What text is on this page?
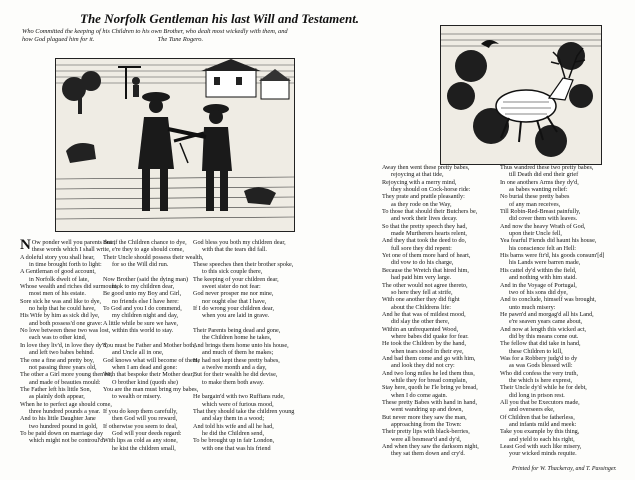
The Norfolk Gentleman his last Will and Testament.
Who Committed the keeping of his Children to his own Brother, who dealt most wickedly with them, and
how God plagued him for it.	The Tune Rogero.
N Ow ponder well you parents dear,
these words which I shall write,
A doleful story you shall hear,
in time brought forth to light:
A Gentleman of good account,
in Norfolk dwelt of late,
Whose wealth and riches did surmount,
most men of his estate.
Sore sick he was and like to dye,
no help that he could have,
His Wife by him as sick did lye,
and both possess'd one grave:
No love between these two was lost,
each was to other kind,
In love they liv'd, in love they dy'd,
and left two babes behind.
The one a fine and pretty boy,
not passing three years old,
The other a Girl more young then he,
and made of beauties mould:
The Father left his little Son,
as plainly doth appear,
When he to perfect age should come,
three hundred pounds a year.
And to his little Daughter Jane
two hundred pound in gold,
To be paid down on marriage day
which might not be controul'd:
But if the Children chance to dye,
e're they to age should come,
Their Uncle should possess their wealth,
for so the Will did run.

Now Brother (said the dying man)
look to my children dear,
Be good unto my Boy and Girl,
no friends else I have here:
To God and you I do commend,
my children night and day,
A little while be sure we have,
within this world to stay.

You must be Father and Mother both,
and Uncle all in one,
God knows what will become of them,
when I am dead and gone:
With that bespoke their Mother dear,
O brother kind (quoth she)
You are the man must bring my babes,
to wealth or misery.

If you do keep them carefully,
then God will you reward,
If otherwise you seem to deal,
God will your deeds regard:
With lips as cold as any stone,
he kist the children small,
God bless you both my children dear,
with that the tears did fall.

These speeches then their brother spoke,
to this sick couple there,
The keeping of your children dear,
sweet sister do not fear:
God never prosper me nor mine,
nor ought else that I have,
If I do wrong your children dear,
when you are laid in grave.

Their Parents being dead and gone,
the Children home he takes,
And brings them home unto his house,
and much of them he makes;
He had not kept these pretty babes,
a twelve month and a day,
But for their wealth he did devise,
to make them both away.

He bargain'd with two Ruffians rude,
which were of furious mood,
That they should take the children young
and slay them in a wood;
And told his wife and all he had,
he did the Children send,
To be brought up in fair London,
with one that was his friend
Away then went these pretty babes,
rejoycing at that tide,
Rejoycing with a merry mind,
they should on Cock-horse ride:
They prate and prattle pleasantly:
as they rode on the Way,
To those that should their Butchers be,
and work their lives decay.
So that the pretty speech they had,
made Murtherers hearts relent,
And they that took the deed to do,
full sore they did repent:
Yet one of them more hard of heart,
did vow to do his charge,
Because the Wretch that hired him,
had paid him very large.
The other would not agree thereto,
so here they fell at strife,
With one another they did fight
about the Childrens life:
And he that was of mildest mood,
did slay the other there,
Within an unfrequented Wood,
where babes did quake for fear.
He took the Children by the hand,
when tears stood in their eye,
And bad them come and go with him,
and look they did not cry:
And two long miles he led them thus,
while they for bread complain,
Stay here, quoth he I'le bring ye bread,
when I do come again.
These pretty Babes with hand in hand,
went wandring up and down,
But never more they saw the man,
approaching from the Town:
Their pretty lips with black-berries,
were all besmear'd and dy'd,
And when they saw the darksom night,
they sat them down and cry'd.
Thus wandred these two pretty babes,
till Death did end their grief
In one anothers Arms they dy'd,
as babes wanting relief:
No burial these pretty babes
of any man receives,
Till Robin-Red-Breast painfully,
did cover them with leaves.
And now the heavy Wrath of God,
upon their Uncle fell,
Yea fearful Fiends did haunt his house,
his conscience felt an Hell:
His barns were fir'd, his goods consum'[d]
his Lands were barren made,
His cattel dy'd within the field,
and nothing with him staid.
And in the Voyage of Portugal,
two of his sons did dye,
And to conclude, himself was brought,
unto much misery:
He pawn'd and morgag'd all his Land,
e're seaven years came about,
And now at length this wicked act,
did by this means come out.
The fellow that did take in hand,
these Children to kill,
Was for a Robbery judg'd to dy
as was Gods blessed will:
Who did confess the very truth,
the which is here exprest,
Their Uncle dy'd while he for debt,
did long in prison rest.
All you that be Executors made,
and overseers eke,
Of Children that be fatherless,
and infants mild and meek:
Take you example by this thing,
and yield to each his right,
Least God with such like misery,
your wicked minds requite.
Printed for W. Thackeray, and T. Passinger.
